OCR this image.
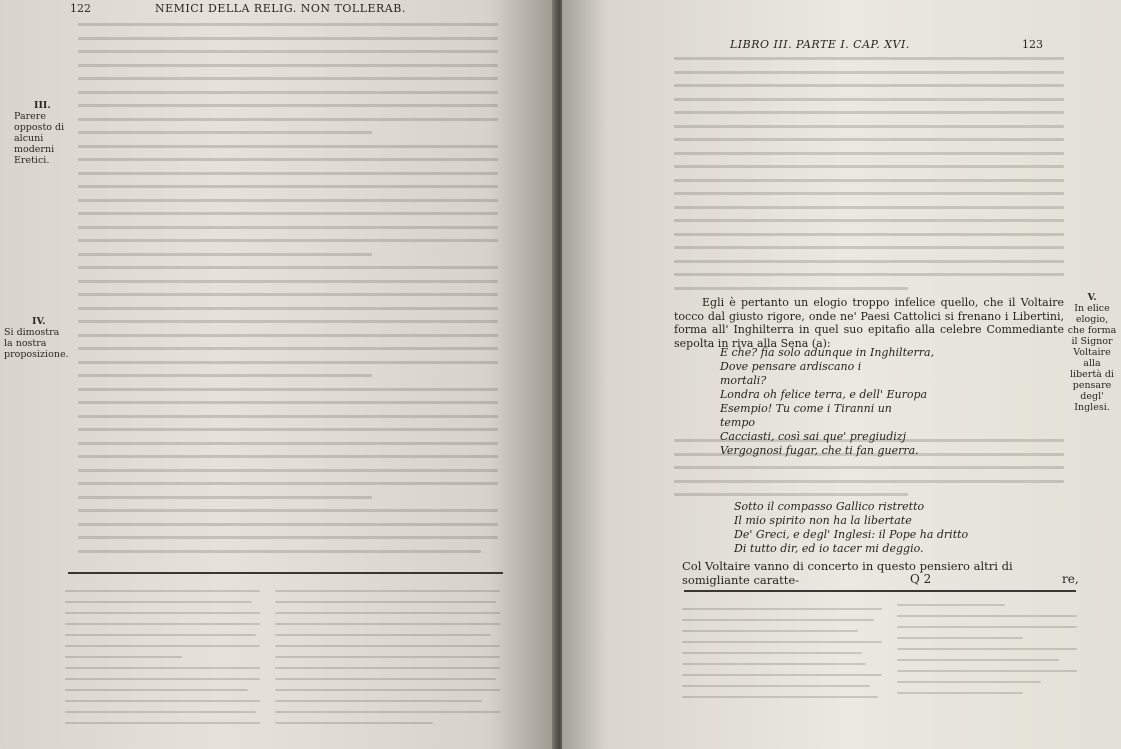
122	NEMICI DELLA RELIG. NON TOLLERAB.
III.
Parere opposto di alcuni moderni Eretici.
IV.
Si dimostra la nostra proposizione.
LIBRO III. PARTE I. CAP. XVI.	123
V.
In elice elogio, che forma il Signor Voltaire alla libertà di pensare degl' Inglesi.
Egli è pertanto un elogio troppo infelice quello, che il Voltaire tocco dal giusto rigore, onde ne' Paesi Cattolici si frenano i Libertini, forma all' Inghilterra in quel suo epitafio alla celebre Commediante sepolta in riva alla Sena (a):
E che? fia solo adunque in Inghilterra,
Dove pensare ardiscano i mortali?
Londra oh felice terra, e dell' Europa
Esempio! Tu come i Tiranni un tempo
Cacciasti, così sai que' pregiudizj
Vergognosi fugar, che ti fan guerra.
Sotto il compasso Gallico ristretto
Il mio spirito non ha la libertate
De' Greci, e degl' Inglesi: il Pope ha dritto
Di tutto dir, ed io tacer mi deggio.
Col Voltaire vanno di concerto in questo pensiero altri di somigliante caratte-	Q 2	re,
